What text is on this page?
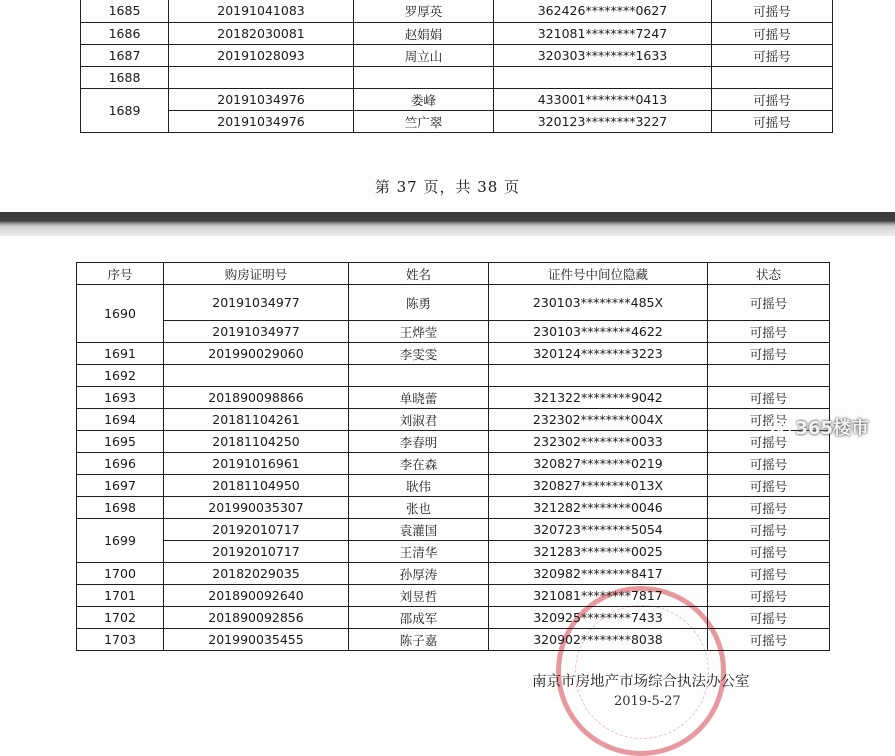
1685	20191041083	罗厚英	362426********0627	可摇号
1686	20182030081	赵娟娟	321081********7247	可摇号
1687	20191028093	周立山	320303********1633	可摇号
1688				
1689	20191034976	娄峰	433001********0413	可摇号
	20191034976	竺广翠	320123********3227	可摇号
第 37 页，共 38 页
序号	购房证明号	姓名	证件号中间位隐藏	状态
1690	20191034977	陈勇	230103********485X	可摇号
	20191034977	王烨莹	230103********4622	可摇号
1691	201990029060	李雯雯	320124********3223	可摇号
1692				
1693	201890098866	单晓蕾	321322********9042	可摇号
1694	20181104261	刘淑君	232302********004X	可摇号
1695	20181104250	李春明	232302********0033	可摇号
1696	20191016961	李在森	320827********0219	可摇号
1697	20181104950	耿伟	320827********013X	可摇号
1698	201990035307	张也	321282********0046	可摇号
1699	20192010717	袁灌国	320723********5054	可摇号
	20192010717	王清华	321283********0025	可摇号
1700	20182029035	孙厚涛	320982********8417	可摇号
1701	201890092640	刘昱哲	321081********7817	可摇号
1702	201890092856	邵成军	320925********7433	可摇号
1703	201990035455	陈子嘉	320902********8038	可摇号
南京市房地产市场综合执法办公室
2019-5-27
365楼市
